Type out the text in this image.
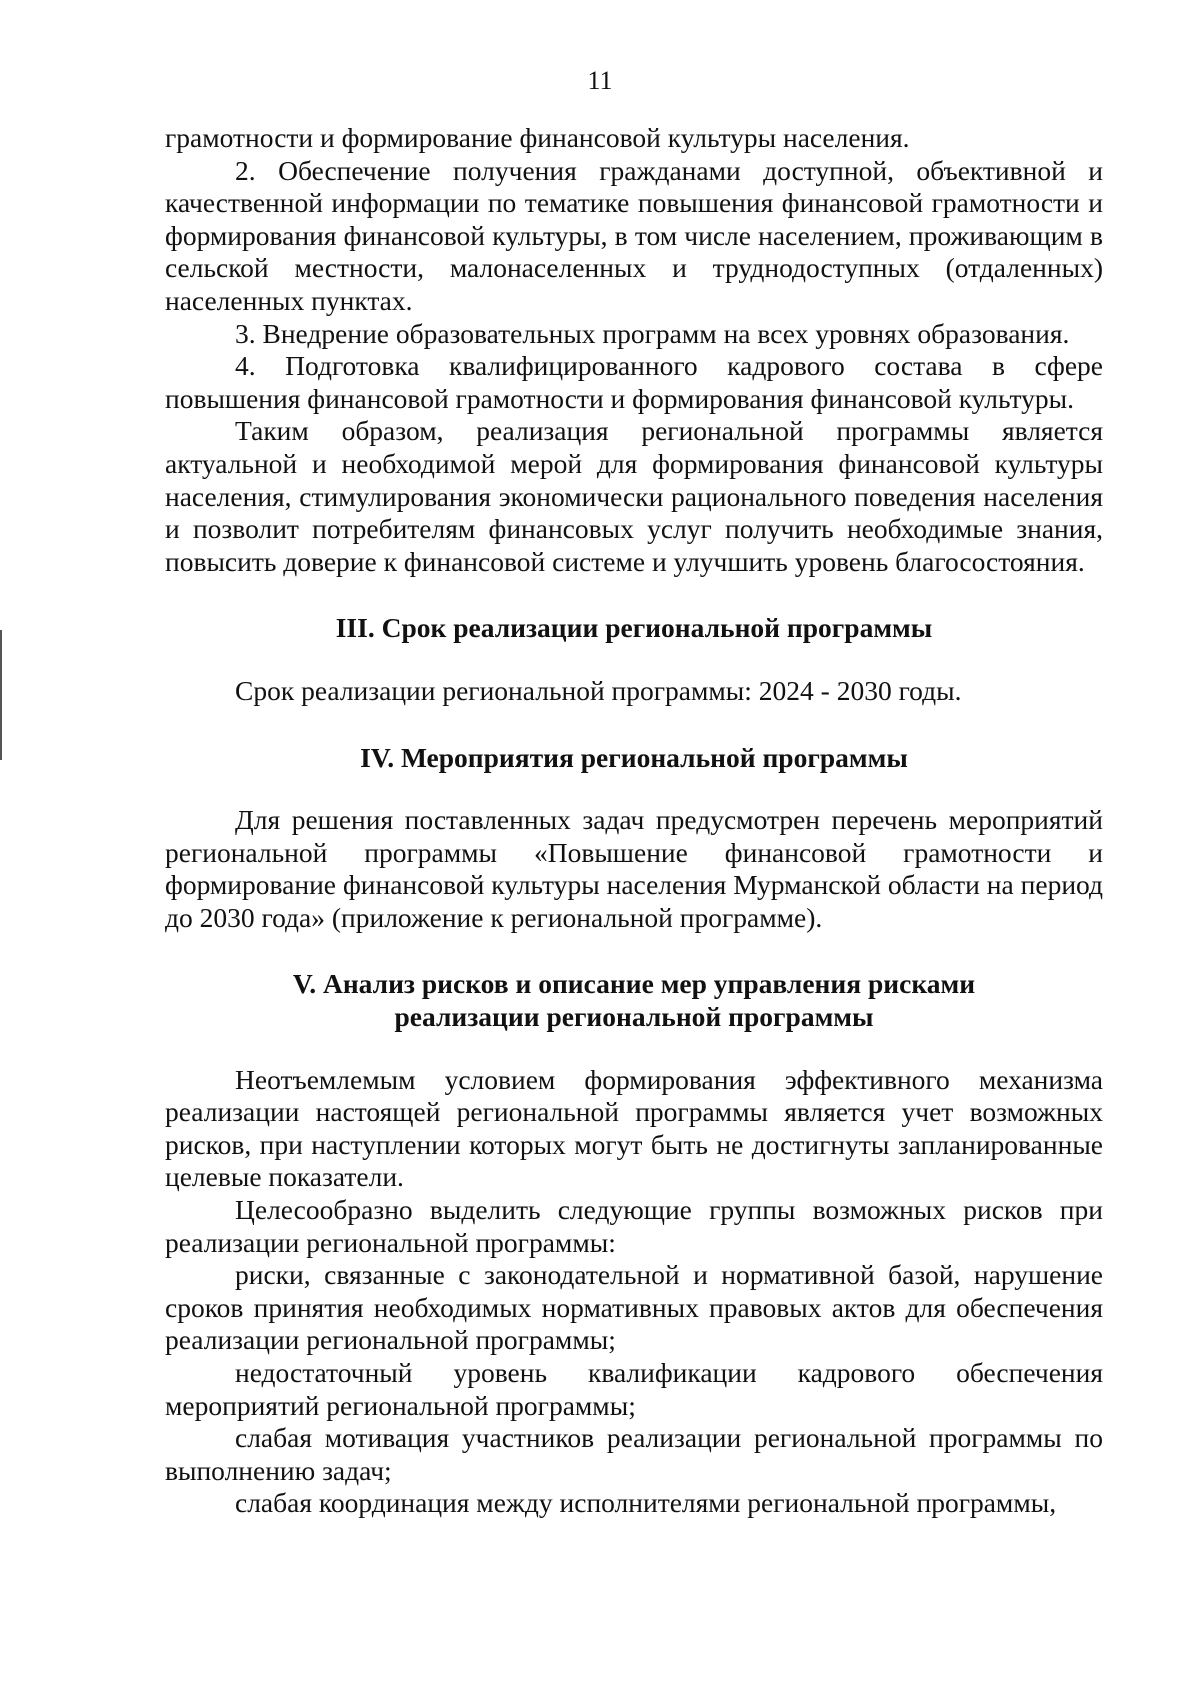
11

грамотности и формирование финансовой культуры населения.

2. Обеспечение получения гражданами доступной, объективной и качественной информации по тематике повышения финансовой грамотности и формирования финансовой культуры, в том числе населением, проживающим в сельской местности, малонаселенных и труднодоступных (отдаленных) населенных пунктах.

3. Внедрение образовательных программ на всех уровнях образования.

4. Подготовка квалифицированного кадрового состава в сфере повышения финансовой грамотности и формирования финансовой культуры.

Таким образом, реализация региональной программы является актуальной и необходимой мерой для формирования финансовой культуры населения, стимулирования экономически рационального поведения населения и позволит потребителям финансовых услуг получить необходимые знания, повысить доверие к финансовой системе и улучшить уровень благосостояния.

III. Срок реализации региональной программы

Срок реализации региональной программы: 2024 - 2030 годы.

IV. Мероприятия региональной программы

Для решения поставленных задач предусмотрен перечень мероприятий региональной программы «Повышение финансовой грамотности и формирование финансовой культуры населения Мурманской области на период до 2030 года» (приложение к региональной программе).

V. Анализ рисков и описание мер управления рисками
реализации региональной программы

Неотъемлемым условием формирования эффективного механизма реализации настоящей региональной программы является учет возможных рисков, при наступлении которых могут быть не достигнуты запланированные целевые показатели.

Целесообразно выделить следующие группы возможных рисков при реализации региональной программы:

риски, связанные с законодательной и нормативной базой, нарушение сроков принятия необходимых нормативных правовых актов для обеспечения реализации региональной программы;

недостаточный уровень квалификации кадрового обеспечения мероприятий региональной программы;

слабая мотивация участников реализации региональной программы по выполнению задач;

слабая координация между исполнителями региональной программы,
